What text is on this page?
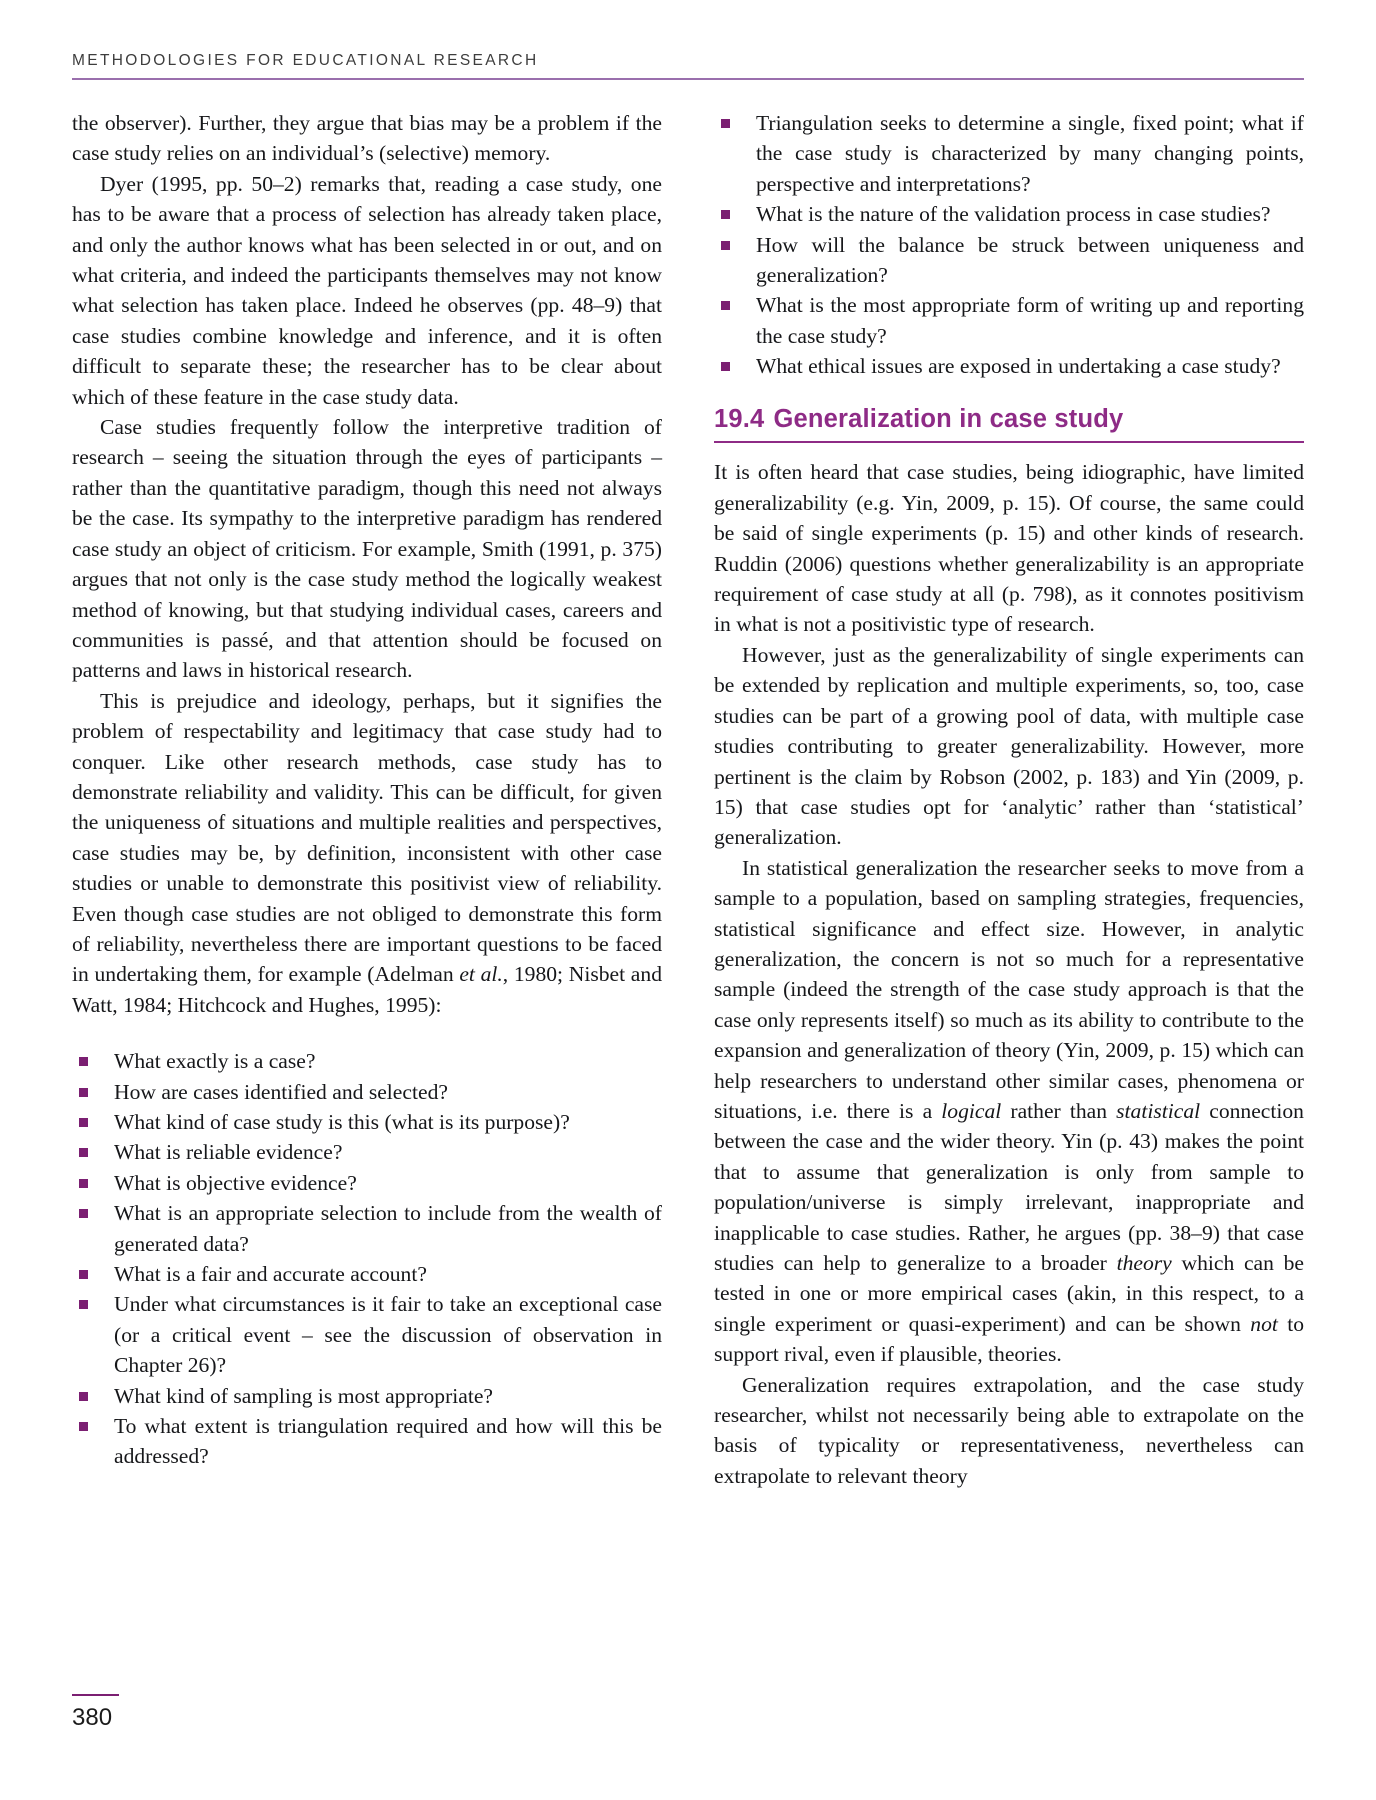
METHODOLOGIES FOR EDUCATIONAL RESEARCH

the observer). Further, they argue that bias may be a problem if the case study relies on an individual’s (selective) memory.

Dyer (1995, pp. 50–2) remarks that, reading a case study, one has to be aware that a process of selection has already taken place, and only the author knows what has been selected in or out, and on what criteria, and indeed the participants themselves may not know what selection has taken place. Indeed he observes (pp. 48–9) that case studies combine knowledge and inference, and it is often difficult to separate these; the researcher has to be clear about which of these feature in the case study data.

Case studies frequently follow the interpretive tradition of research – seeing the situation through the eyes of participants – rather than the quantitative paradigm, though this need not always be the case. Its sympathy to the interpretive paradigm has rendered case study an object of criticism. For example, Smith (1991, p. 375) argues that not only is the case study method the logically weakest method of knowing, but that studying individual cases, careers and communities is passé, and that attention should be focused on patterns and laws in historical research.

This is prejudice and ideology, perhaps, but it signifies the problem of respectability and legitimacy that case study had to conquer. Like other research methods, case study has to demonstrate reliability and validity. This can be difficult, for given the uniqueness of situations and multiple realities and perspectives, case studies may be, by definition, inconsistent with other case studies or unable to demonstrate this positivist view of reliability. Even though case studies are not obliged to demonstrate this form of reliability, nevertheless there are important questions to be faced in undertaking them, for example (Adelman et al., 1980; Nisbet and Watt, 1984; Hitchcock and Hughes, 1995):

What exactly is a case?
How are cases identified and selected?
What kind of case study is this (what is its purpose)?
What is reliable evidence?
What is objective evidence?
What is an appropriate selection to include from the wealth of generated data?
What is a fair and accurate account?
Under what circumstances is it fair to take an exceptional case (or a critical event – see the discussion of observation in Chapter 26)?
What kind of sampling is most appropriate?
To what extent is triangulation required and how will this be addressed?
Triangulation seeks to determine a single, fixed point; what if the case study is characterized by many changing points, perspective and interpretations?
What is the nature of the validation process in case studies?
How will the balance be struck between uniqueness and generalization?
What is the most appropriate form of writing up and reporting the case study?
What ethical issues are exposed in undertaking a case study?
19.4 Generalization in case study

It is often heard that case studies, being idiographic, have limited generalizability (e.g. Yin, 2009, p. 15). Of course, the same could be said of single experiments (p. 15) and other kinds of research. Ruddin (2006) questions whether generalizability is an appropriate requirement of case study at all (p. 798), as it connotes positivism in what is not a positivistic type of research.

However, just as the generalizability of single experiments can be extended by replication and multiple experiments, so, too, case studies can be part of a growing pool of data, with multiple case studies contributing to greater generalizability. However, more pertinent is the claim by Robson (2002, p. 183) and Yin (2009, p. 15) that case studies opt for ‘analytic’ rather than ‘statistical’ generalization.

In statistical generalization the researcher seeks to move from a sample to a population, based on sampling strategies, frequencies, statistical significance and effect size. However, in analytic generalization, the concern is not so much for a representative sample (indeed the strength of the case study approach is that the case only represents itself) so much as its ability to contribute to the expansion and generalization of theory (Yin, 2009, p. 15) which can help researchers to understand other similar cases, phenomena or situations, i.e. there is a logical rather than statistical connection between the case and the wider theory. Yin (p. 43) makes the point that to assume that generalization is only from sample to population/universe is simply irrelevant, inappropriate and inapplicable to case studies. Rather, he argues (pp. 38–9) that case studies can help to generalize to a broader theory which can be tested in one or more empirical cases (akin, in this respect, to a single experiment or quasi-experiment) and can be shown not to support rival, even if plausible, theories.

Generalization requires extrapolation, and the case study researcher, whilst not necessarily being able to extrapolate on the basis of typicality or representativeness, nevertheless can extrapolate to relevant theory

380
